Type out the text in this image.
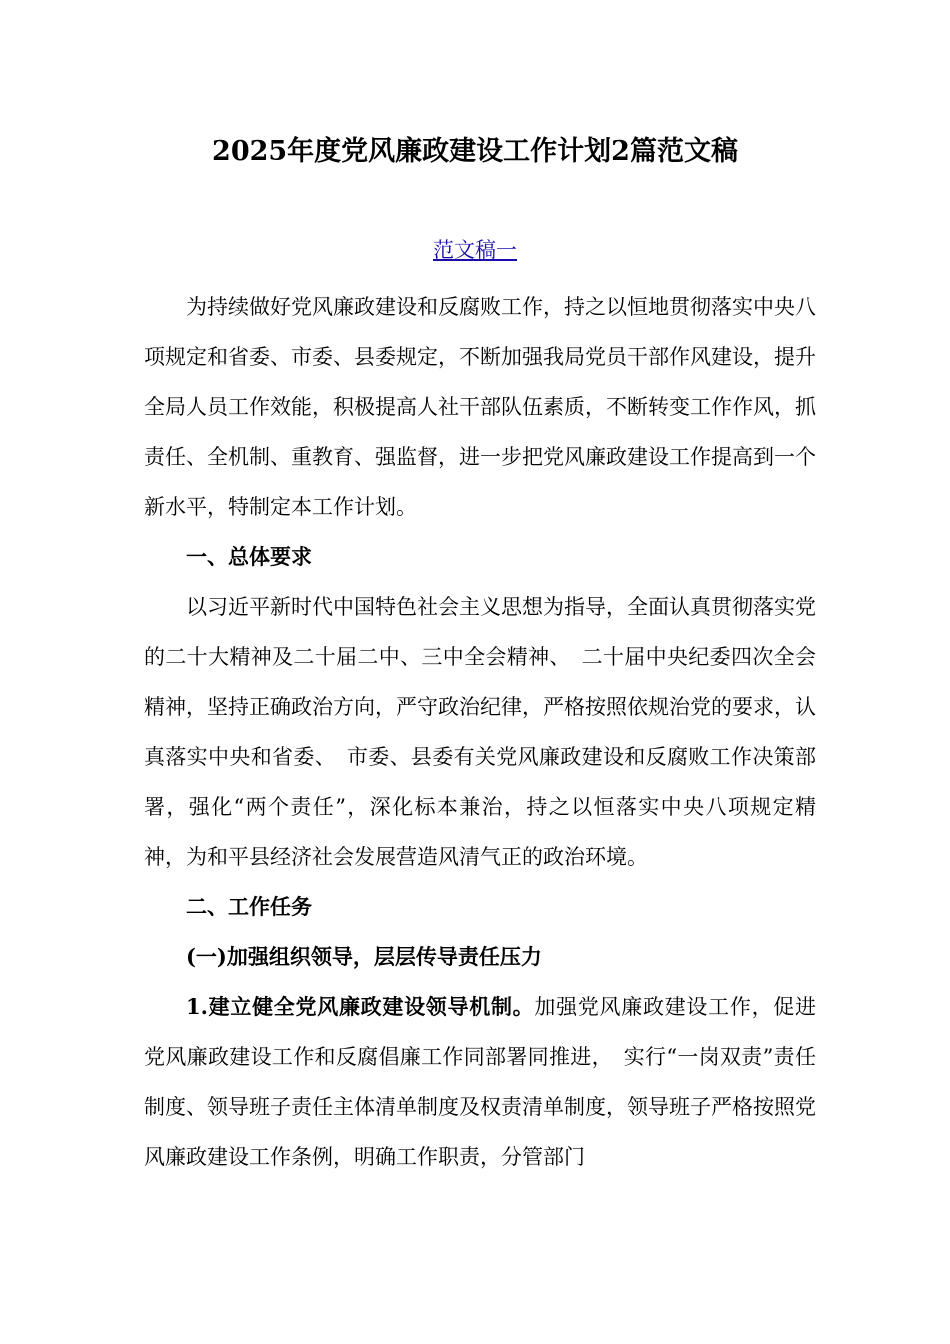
2025年度党风廉政建设工作计划2篇范文稿
范文稿一

为持续做好党风廉政建设和反腐败工作，持之以恒地贯彻落实中央八项规定和省委、市委、县委规定，不断加强我局党员干部作风建设，提升全局人员工作效能，积极提高人社干部队伍素质，不断转变工作作风，抓责任、全机制、重教育、强监督，进一步把党风廉政建设工作提高到一个新水平，特制定本工作计划。

一、总体要求

以习近平新时代中国特色社会主义思想为指导，全面认真贯彻落实党的二十大精神及二十届二中、三中全会精神、　二十届中央纪委四次全会精神，坚持正确政治方向，严守政治纪律，严格按照依规治党的要求，认真落实中央和省委、　市委、县委有关党风廉政建设和反腐败工作决策部署，强化“两个责任”，深化标本兼治，持之以恒落实中央八项规定精神，为和平县经济社会发展营造风清气正的政治环境。

二、工作任务

(一)加强组织领导，层层传导责任压力

1.建立健全党风廉政建设领导机制。加强党风廉政建设工作，促进党风廉政建设工作和反腐倡廉工作同部署同推进，　实行“一岗双责”责任制度、领导班子责任主体清单制度及权责清单制度，领导班子严格按照党风廉政建设工作条例，明确工作职责，分管部门
